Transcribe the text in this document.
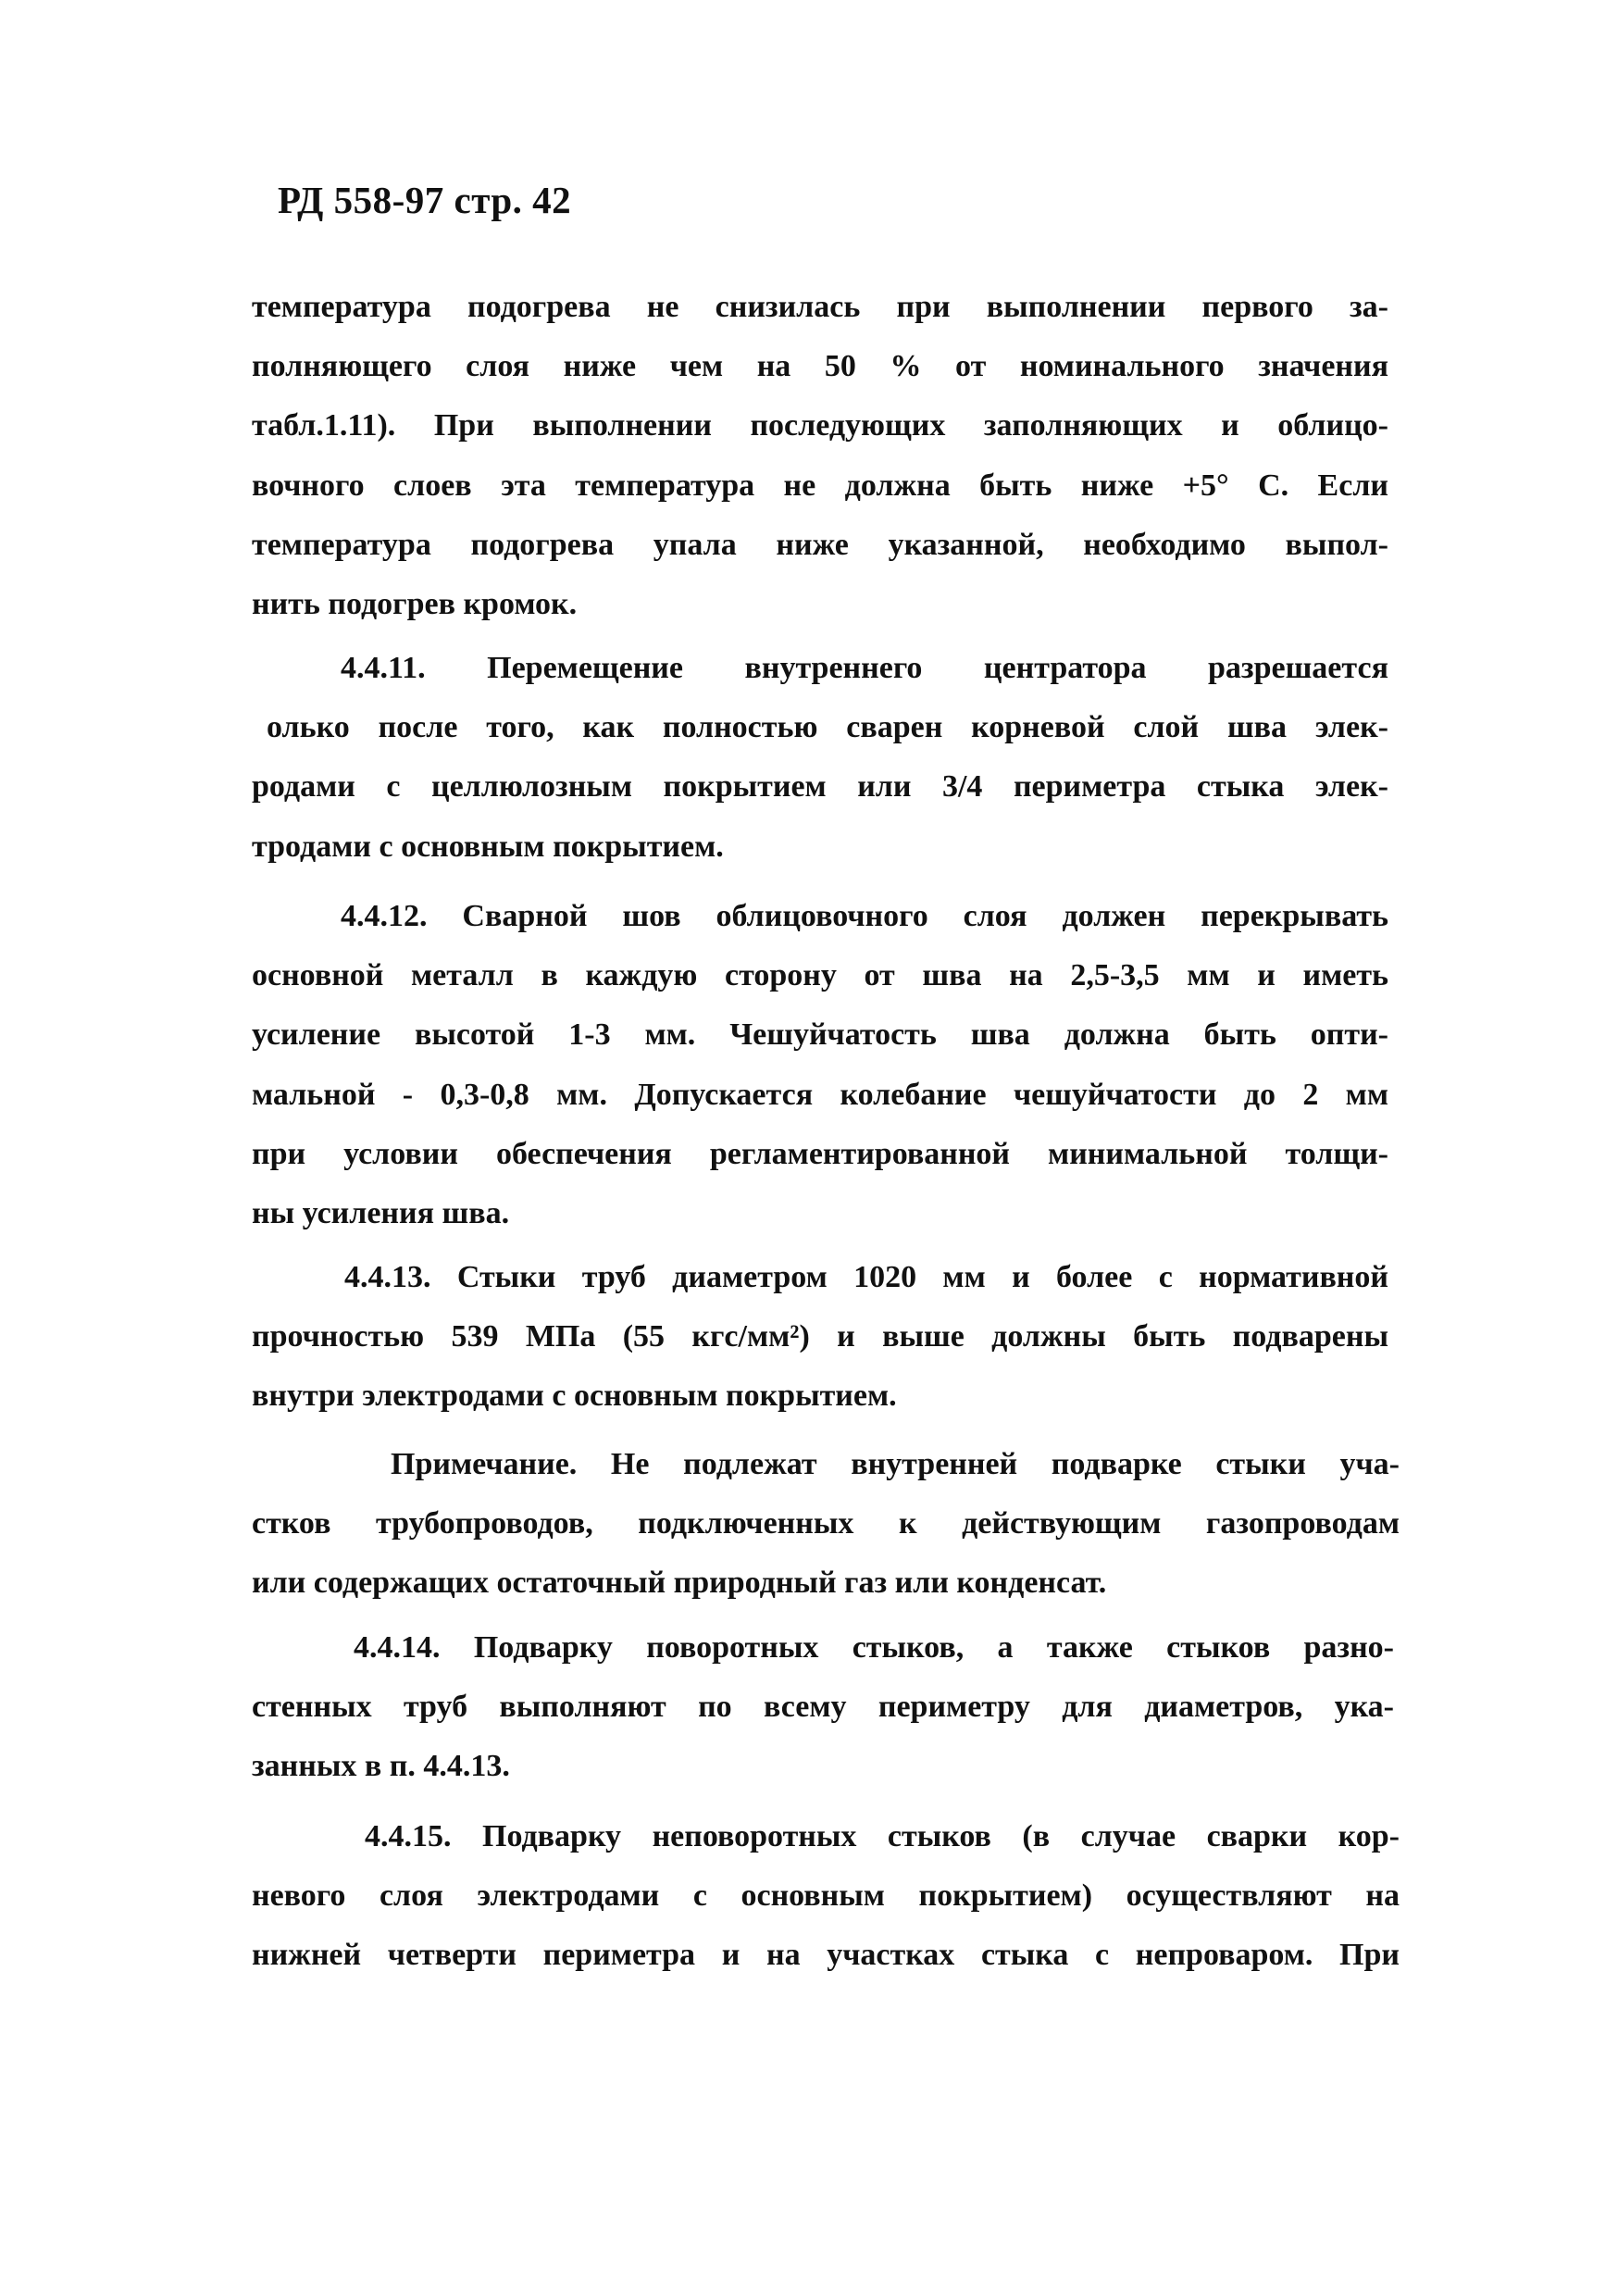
РД 558-97 стр. 42
температура подогрева не снизилась при выполнении первого за-
полняющего слоя ниже чем на 50 % от номинального значения
табл.1.11). При выполнении последующих заполняющих и облицо-
вочного слоев эта температура не должна быть ниже +5° С. Если
температура подогрева упала ниже указанной, необходимо выпол-
нить подогрев кромок.
4.4.11. Перемещение внутреннего центратора разрешается
олько после того, как полностью сварен корневой слой шва элек-
родами с целлюлозным покрытием или 3/4 периметра стыка элек-
тродами с основным покрытием.
4.4.12. Сварной шов облицовочного слоя должен перекрывать
основной металл в каждую сторону от шва на 2,5-3,5 мм и иметь
усиление высотой 1-3 мм. Чешуйчатость шва должна быть опти-
мальной - 0,3-0,8 мм. Допускается колебание чешуйчатости до 2 мм
при условии обеспечения регламентированной минимальной толщи-
ны усиления шва.
4.4.13. Стыки труб диаметром 1020 мм и более с нормативной
прочностью 539 МПа (55 кгс/мм²) и выше должны быть подварены
внутри электродами с основным покрытием.
Примечание. Не подлежат внутренней подварке стыки уча-
стков трубопроводов, подключенных к действующим газопроводам
или содержащих остаточный природный газ или конденсат.
4.4.14. Подварку поворотных стыков, а также стыков разно-
стенных труб выполняют по всему периметру для диаметров, ука-
занных в п. 4.4.13.
4.4.15. Подварку неповоротных стыков (в случае сварки кор-
невого слоя электродами с основным покрытием) осуществляют на
нижней четверти периметра и на участках стыка с непроваром. При
